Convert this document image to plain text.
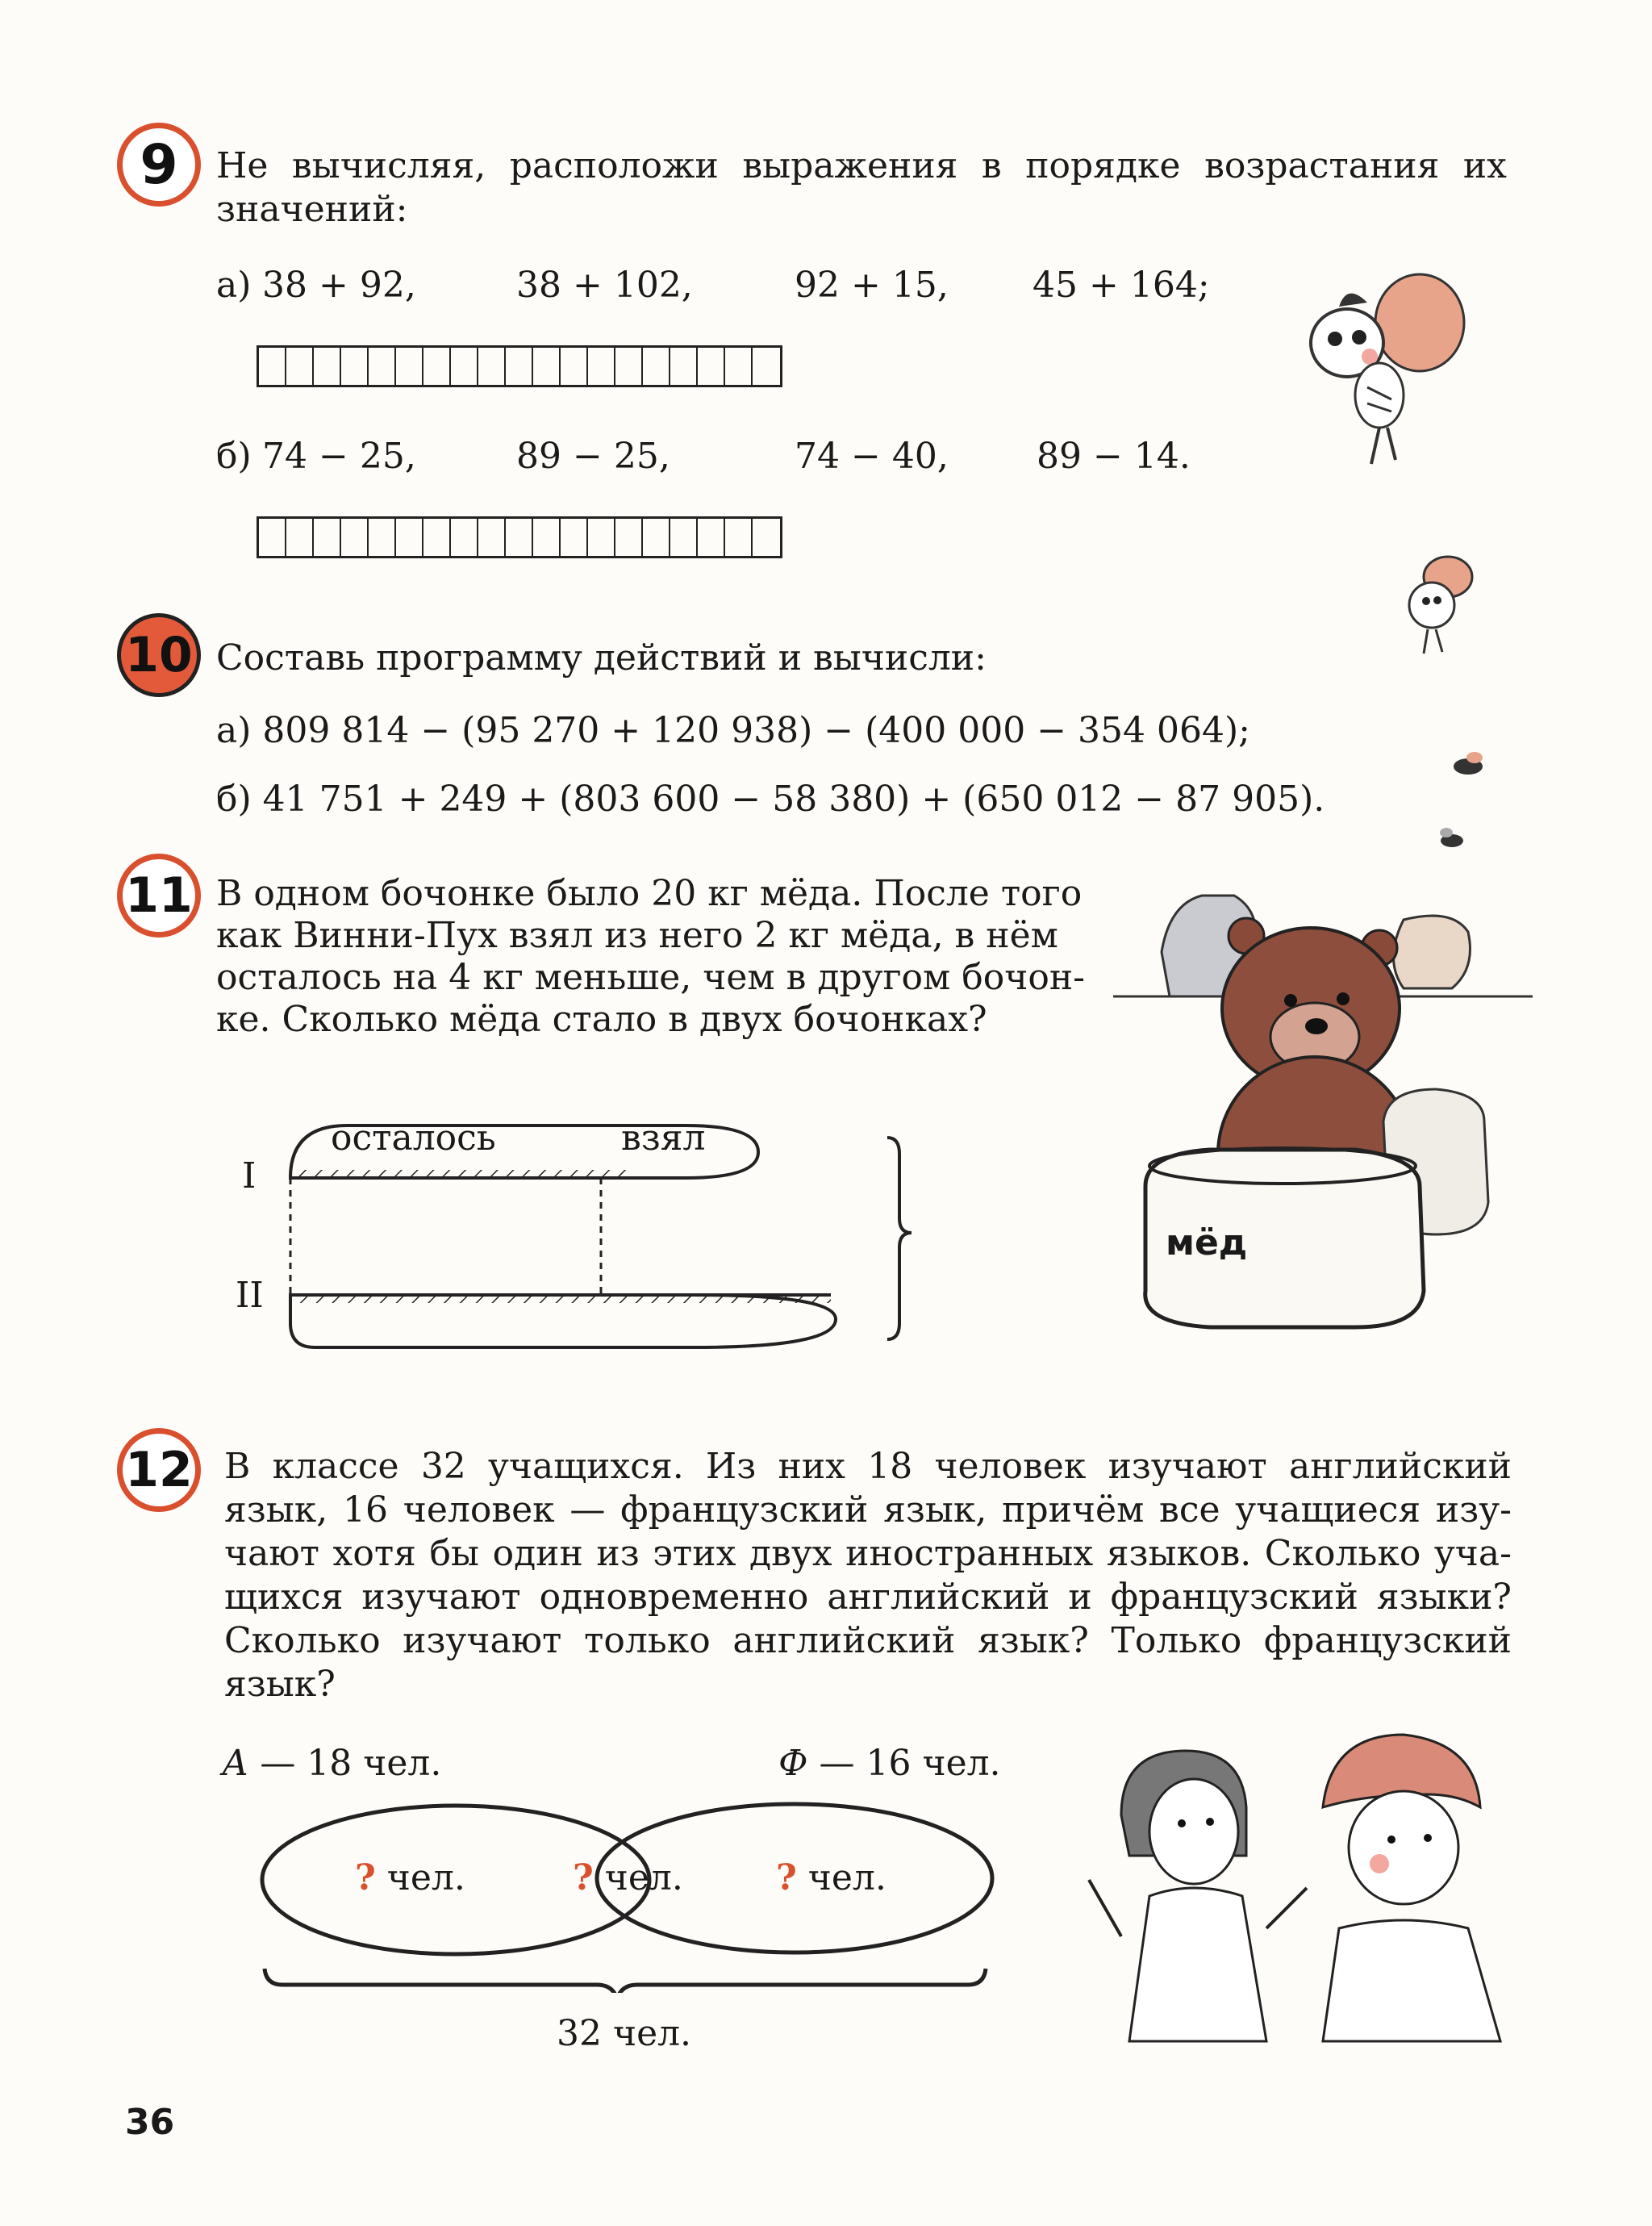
9 Не вычисляя, расположи выражения в порядке возрастания их
значений:
а) 38 + 92,	38 + 102,	92 + 15, 45 + 164;
б) 74 − 25,	89 − 25,	74 − 40, 89 − 14.
10 Составь программу действий и вычисли:
а) 809 814 − (95 270 + 120 938) − (400 000 − 354 064);
б) 41 751 + 249 + (803 600 − 58 380) + (650 012 − 87 905).
11 В одном бочонке было 20 кг мёда. После того
как Винни-Пух взял из него 2 кг мёда, в нём
осталось на 4 кг меньше, чем в другом бочон-
ке. Сколько мёда стало в двух бочонках?
осталось	взял
I
II
мёд
12 В классе 32 учащихся. Из них 18 человек изучают английский
язык, 16 человек — французский язык, причём все учащиеся изу-
чают хотя бы один из этих двух иностранных языков. Сколько уча-
щихся изучают одновременно английский и французский языки?
Сколько изучают только английский язык? Только французский
язык?
А — 18 чел.	Ф — 16 чел.
? чел.	? чел.	? чел.
32 чел.
36
